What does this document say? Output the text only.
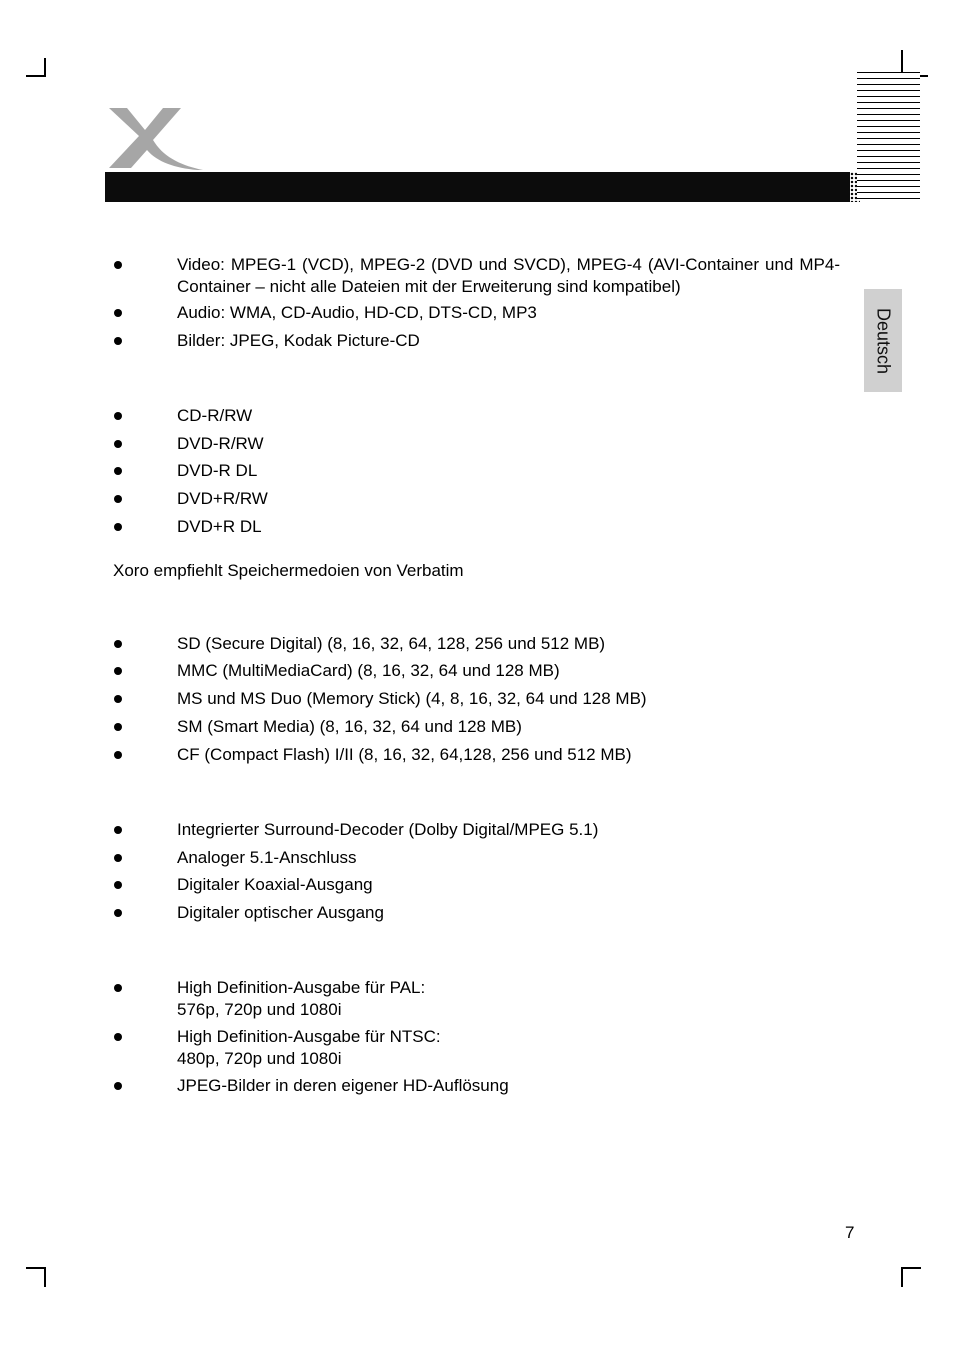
Deutsch
Video: MPEG-1 (VCD), MPEG-2 (DVD und SVCD), MPEG-4 (AVI-Container und MP4-Container – nicht alle Dateien mit der Erweiterung sind kompatibel)
Audio: WMA, CD-Audio, HD-CD, DTS-CD, MP3
Bilder: JPEG, Kodak Picture-CD
CD-R/RW
DVD-R/RW
DVD-R DL
DVD+R/RW
DVD+R DL
Xoro empfiehlt Speichermedoien von Verbatim
SD (Secure Digital) (8, 16, 32, 64, 128, 256 und 512 MB)
MMC (MultiMediaCard) (8, 16, 32, 64 und 128 MB)
MS und MS Duo (Memory Stick) (4, 8, 16, 32, 64 und 128 MB)
SM (Smart Media) (8, 16, 32, 64 und 128 MB)
CF (Compact Flash) I/II (8, 16, 32, 64,128, 256 und 512 MB)
Integrierter Surround-Decoder (Dolby Digital/MPEG 5.1)
Analoger 5.1-Anschluss
Digitaler Koaxial-Ausgang
Digitaler optischer Ausgang
High Definition-Ausgabe für PAL:
576p, 720p und 1080i
High Definition-Ausgabe für NTSC:
480p, 720p und 1080i
JPEG-Bilder in deren eigener HD-Auflösung
7
